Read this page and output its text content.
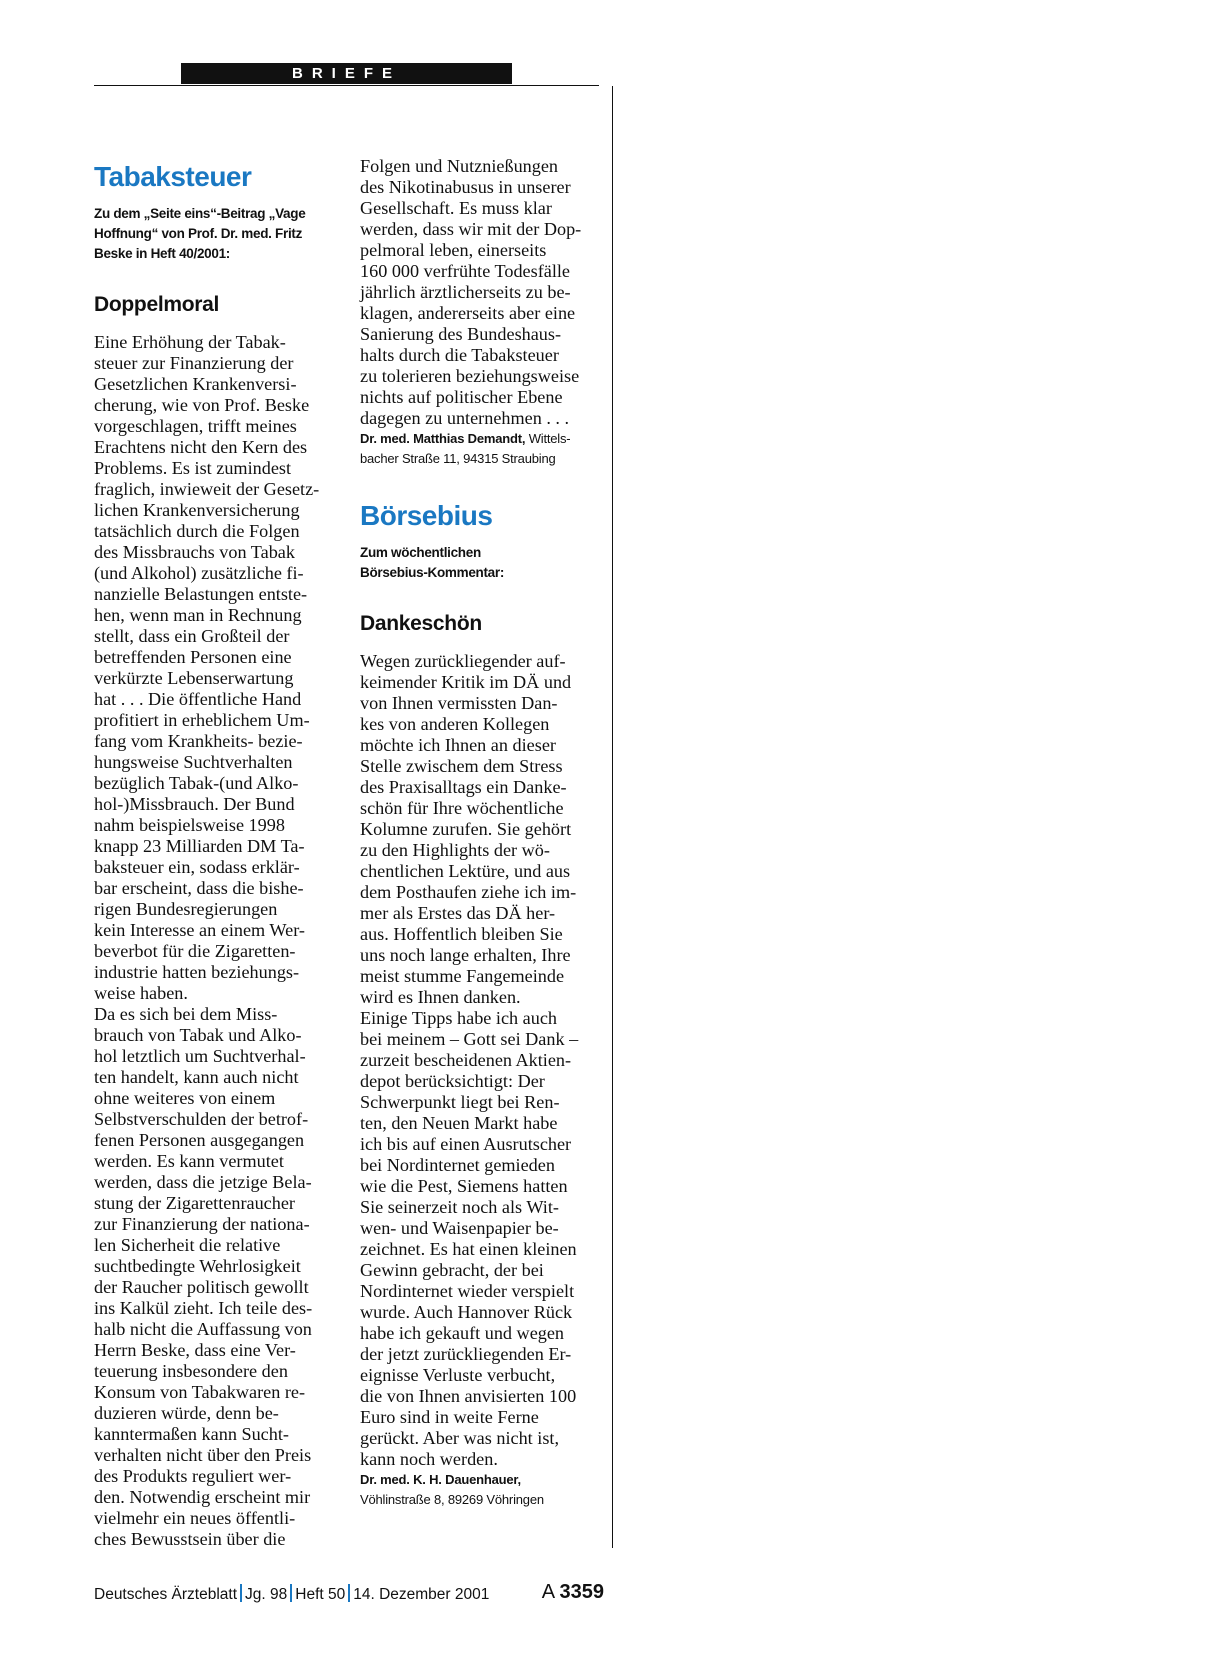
BRIEFE
Tabaksteuer

Zu dem „Seite eins“-Beitrag „Vage Hoffnung“ von Prof. Dr. med. Fritz Beske in Heft 40/2001:

Doppelmoral
Eine Erhöhung der Tabak-
steuer zur Finanzierung der
Gesetzlichen Krankenversi-
cherung, wie von Prof. Beske
vorgeschlagen, trifft meines
Erachtens nicht den Kern des
Problems. Es ist zumindest
fraglich, inwieweit der Gesetz-
lichen Krankenversicherung
tatsächlich durch die Folgen
des Missbrauchs von Tabak
(und Alkohol) zusätzliche fi-
nanzielle Belastungen entste-
hen, wenn man in Rechnung
stellt, dass ein Großteil der
betreffenden Personen eine
verkürzte Lebenserwartung
hat . . . Die öffentliche Hand
profitiert in erheblichem Um-
fang vom Krankheits- bezie-
hungsweise Suchtverhalten
bezüglich Tabak-(und Alko-
hol-)Missbrauch. Der Bund
nahm beispielsweise 1998
knapp 23 Milliarden DM Ta-
baksteuer ein, sodass erklär-
bar erscheint, dass die bishe-
rigen Bundesregierungen
kein Interesse an einem Wer-
beverbot für die Zigaretten-
industrie hatten beziehungs-
weise haben.
Da es sich bei dem Miss-
brauch von Tabak und Alko-
hol letztlich um Suchtverhal-
ten handelt, kann auch nicht
ohne weiteres von einem
Selbstverschulden der betrof-
fenen Personen ausgegangen
werden. Es kann vermutet
werden, dass die jetzige Bela-
stung der Zigarettenraucher
zur Finanzierung der nationa-
len Sicherheit die relative
suchtbedingte Wehrlosigkeit
der Raucher politisch gewollt
ins Kalkül zieht. Ich teile des-
halb nicht die Auffassung von
Herrn Beske, dass eine Ver-
teuerung insbesondere den
Konsum von Tabakwaren re-
duzieren würde, denn be-
kanntermaßen kann Sucht-
verhalten nicht über den Preis
des Produkts reguliert wer-
den. Notwendig erscheint mir
vielmehr ein neues öffentli-
ches Bewusstsein über die
Folgen und Nutznießungen
des Nikotinabusus in unserer
Gesellschaft. Es muss klar
werden, dass wir mit der Dop-
pelmoral leben, einerseits
160 000 verfrühte Todesfälle
jährlich ärztlicherseits zu be-
klagen, andererseits aber eine
Sanierung des Bundeshaus-
halts durch die Tabaksteuer
zu tolerieren beziehungsweise
nichts auf politischer Ebene
dagegen zu unternehmen . . .

Dr. med. Matthias Demandt, Wittels-
bacher Straße 11, 94315 Straubing

Börsebius

Zum wöchentlichen Börsebius-Kommentar:

Dankeschön
Wegen zurückliegender auf-
keimender Kritik im DÄ und
von Ihnen vermissten Dan-
kes von anderen Kollegen
möchte ich Ihnen an dieser
Stelle zwischem dem Stress
des Praxisalltags ein Danke-
schön für Ihre wöchentliche
Kolumne zurufen. Sie gehört
zu den Highlights der wö-
chentlichen Lektüre, und aus
dem Posthaufen ziehe ich im-
mer als Erstes das DÄ her-
aus. Hoffentlich bleiben Sie
uns noch lange erhalten, Ihre
meist stumme Fangemeinde
wird es Ihnen danken.
Einige Tipps habe ich auch
bei meinem – Gott sei Dank –
zurzeit bescheidenen Aktien-
depot berücksichtigt: Der
Schwerpunkt liegt bei Ren-
ten, den Neuen Markt habe
ich bis auf einen Ausrutscher
bei Nordinternet gemieden
wie die Pest, Siemens hatten
Sie seinerzeit noch als Wit-
wen- und Waisenpapier be-
zeichnet. Es hat einen kleinen
Gewinn gebracht, der bei
Nordinternet wieder verspielt
wurde. Auch Hannover Rück
habe ich gekauft und wegen
der jetzt zurückliegenden Er-
eignisse Verluste verbucht,
die von Ihnen anvisierten 100
Euro sind in weite Ferne
gerückt. Aber was nicht ist,
kann noch werden.

Dr. med. K. H. Dauenhauer,
Vöhlinstraße 8, 89269 Vöhringen

Deutsches Ärzteblatt Jg. 98 Heft 50 14. Dezember 2001	A 3359
